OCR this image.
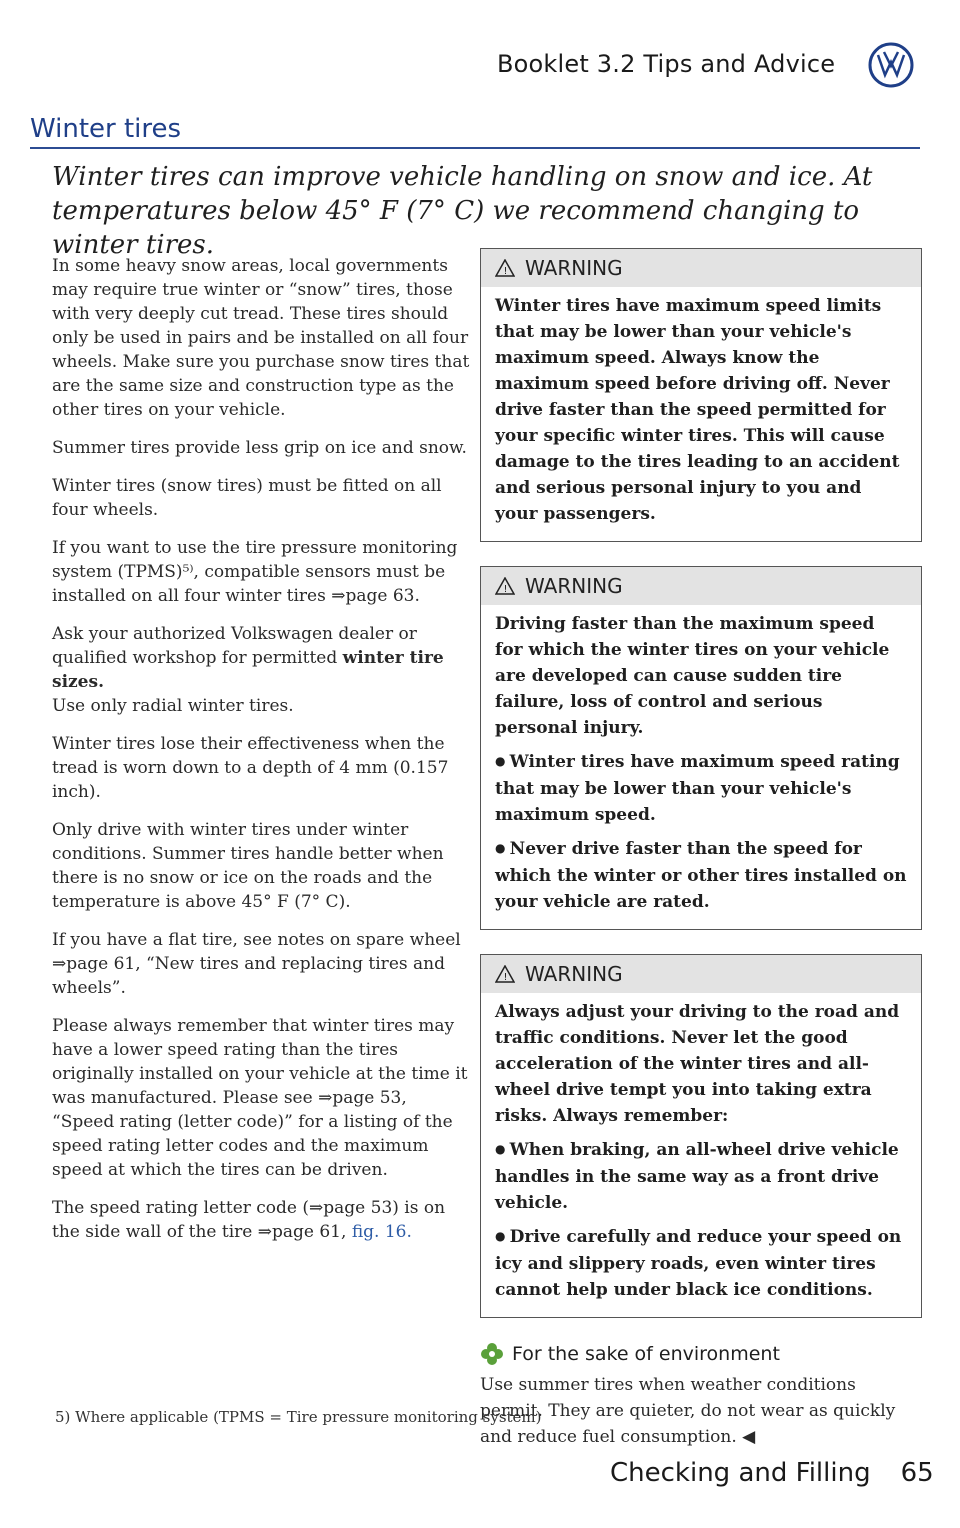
Booklet 3.2 Tips and Advice
Winter tires
Winter tires can improve vehicle handling on snow and ice. At temperatures below 45° F (7° C) we recommend changing to winter tires.

In some heavy snow areas, local governments may require true winter or “snow” tires, those with very deeply cut tread. These tires should only be used in pairs and be installed on all four wheels. Make sure you purchase snow tires that are the same size and construction type as the other tires on your vehicle.

Summer tires provide less grip on ice and snow.

Winter tires (snow tires) must be fitted on all four wheels.

If you want to use the tire pressure monitoring system (TPMS)⁵⁾, compatible sensors must be installed on all four winter tires ⇒page 63.

Ask your authorized Volkswagen dealer or qualified workshop for permitted winter tire sizes.
Use only radial winter tires.

Winter tires lose their effectiveness when the tread is worn down to a depth of 4 mm (0.157 inch).

Only drive with winter tires under winter conditions. Summer tires handle better when there is no snow or ice on the roads and the temperature is above 45° F (7° C).

If you have a flat tire, see notes on spare wheel ⇒page 61, “New tires and replacing tires and wheels”.

Please always remember that winter tires may have a lower speed rating than the tires originally installed on your vehicle at the time it was manufactured. Please see ⇒page 53, “Speed rating (letter code)” for a listing of the speed rating letter codes and the maximum speed at which the tires can be driven.

The speed rating letter code (⇒page 53) is on the side wall of the tire ⇒page 61, fig. 16.

! WARNING

Winter tires have maximum speed limits that may be lower than your vehicle's maximum speed. Always know the maximum speed before driving off. Never drive faster than the speed permitted for your specific winter tires. This will cause damage to the tires leading to an accident and serious personal injury to you and your passengers.

! WARNING

Driving faster than the maximum speed for which the winter tires on your vehicle are developed can cause sudden tire failure, loss of control and serious personal injury.

● Winter tires have maximum speed rating that may be lower than your vehicle's maximum speed.

● Never drive faster than the speed for which the winter or other tires installed on your vehicle are rated.

! WARNING

Always adjust your driving to the road and traffic conditions. Never let the good acceleration of the winter tires and all-wheel drive tempt you into taking extra risks. Always remember:

● When braking, an all-wheel drive vehicle handles in the same way as a front drive vehicle.

● Drive carefully and reduce your speed on icy and slippery roads, even winter tires cannot help under black ice conditions.

For the sake of environment
Use summer tires when weather conditions permit. They are quieter, do not wear as quickly and reduce fuel consumption. ◀
5) Where applicable (TPMS = Tire pressure monitoring system)
Checking and Filling 65
